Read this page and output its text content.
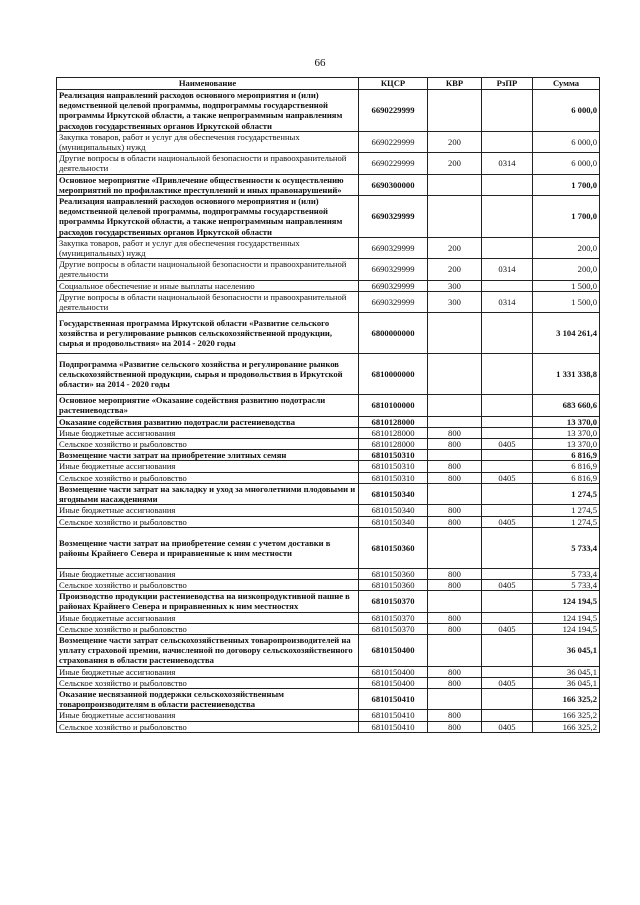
66
Наименование	КЦСР	КВР	РзПР	Сумма
Реализация направлений расходов основного мероприятия и (или) ведомственной целевой программы, подпрограммы государственной программы Иркутской области, а также непрограммным направлениям расходов государственных органов Иркутской области	6690229999			6 000,0
Закупка товаров, работ и услуг для обеспечения государственных (муниципальных) нужд	6690229999	200		6 000,0
Другие вопросы в области национальной безопасности и правоохранительной деятельности	6690229999	200	0314	6 000,0
Основное мероприятие «Привлечение общественности к осуществлению мероприятий по профилактике преступлений и иных правонарушений»	6690300000			1 700,0
Реализация направлений расходов основного мероприятия и (или) ведомственной целевой программы, подпрограммы государственной программы Иркутской области, а также непрограммным направлениям расходов государственных органов Иркутской области	6690329999			1 700,0
Закупка товаров, работ и услуг для обеспечения государственных (муниципальных) нужд	6690329999	200		200,0
Другие вопросы в области национальной безопасности и правоохранительной деятельности	6690329999	200	0314	200,0
Социальное обеспечение и иные выплаты населению	6690329999	300		1 500,0
Другие вопросы в области национальной безопасности и правоохранительной деятельности	6690329999	300	0314	1 500,0
Государственная программа Иркутской области «Развитие сельского хозяйства и регулирование рынков сельскохозяйственной продукции, сырья и продовольствия» на 2014 - 2020 годы	6800000000			3 104 261,4
Подпрограмма «Развитие сельского хозяйства и регулирование рынков сельскохозяйственной продукции, сырья и продовольствия в Иркутской области» на 2014 - 2020 годы	6810000000			1 331 338,8
Основное мероприятие «Оказание содействия развитию подотрасли растениеводства»	6810100000			683 660,6
Оказание содействия развитию подотрасли растениеводства	6810128000			13 370,0
Иные бюджетные ассигнования	6810128000	800		13 370,0
Сельское хозяйство и рыболовство	6810128000	800	0405	13 370,0
Возмещение части затрат на приобретение элитных семян	6810150310			6 816,9
Иные бюджетные ассигнования	6810150310	800		6 816,9
Сельское хозяйство и рыболовство	6810150310	800	0405	6 816,9
Возмещение части затрат на закладку и уход за многолетними плодовыми и ягодными насаждениями	6810150340			1 274,5
Иные бюджетные ассигнования	6810150340	800		1 274,5
Сельское хозяйство и рыболовство	6810150340	800	0405	1 274,5
Возмещение части затрат на приобретение семян с учетом доставки в районы Крайнего Севера и приравненные к ним местности	6810150360			5 733,4
Иные бюджетные ассигнования	6810150360	800		5 733,4
Сельское хозяйство и рыболовство	6810150360	800	0405	5 733,4
Производство продукции растениеводства на низкопродуктивной пашне в районах Крайнего Севера и приравненных к ним местностях	6810150370			124 194,5
Иные бюджетные ассигнования	6810150370	800		124 194,5
Сельское хозяйство и рыболовство	6810150370	800	0405	124 194,5
Возмещение части затрат сельскохозяйственных товаропроизводителей на уплату страховой премии, начисленной по договору сельскохозяйственного страхования в области растениеводства	6810150400			36 045,1
Иные бюджетные ассигнования	6810150400	800		36 045,1
Сельское хозяйство и рыболовство	6810150400	800	0405	36 045,1
Оказание несвязанной поддержки сельскохозяйственным товаропроизводителям в области растениеводства	6810150410			166 325,2
Иные бюджетные ассигнования	6810150410	800		166 325,2
Сельское хозяйство и рыболовство	6810150410	800	0405	166 325,2
